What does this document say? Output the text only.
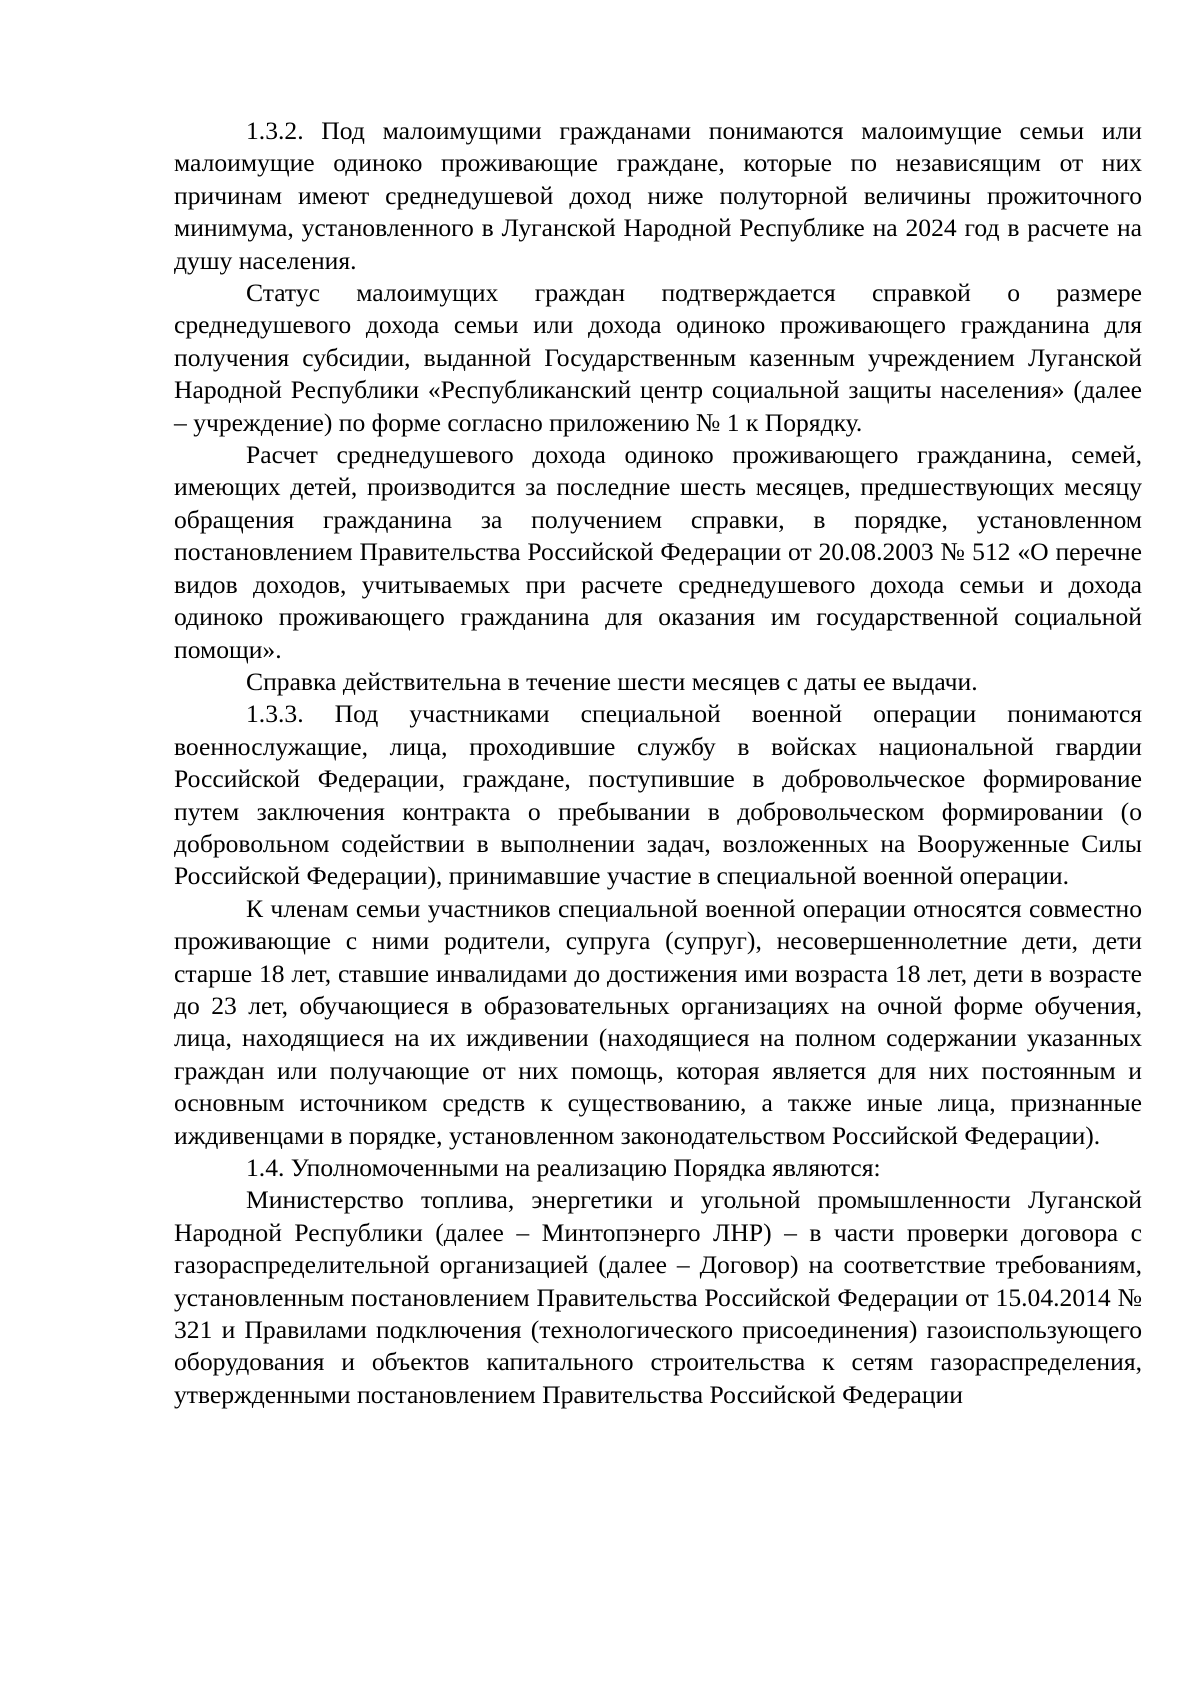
1.3.2. Под малоимущими гражданами понимаются малоимущие семьи или малоимущие одиноко проживающие граждане, которые по независящим от них причинам имеют среднедушевой доход ниже полуторной величины прожиточного минимума, установленного в Луганской Народной Республике на 2024 год в расчете на душу населения.

Статус малоимущих граждан подтверждается справкой о размере среднедушевого дохода семьи или дохода одиноко проживающего гражданина для получения субсидии, выданной Государственным казенным учреждением Луганской Народной Республики «Республиканский центр социальной защиты населения» (далее – учреждение) по форме согласно приложению № 1 к Порядку.

Расчет среднедушевого дохода одиноко проживающего гражданина, семей, имеющих детей, производится за последние шесть месяцев, предшествующих месяцу обращения гражданина за получением справки, в порядке, установленном постановлением Правительства Российской Федерации от 20.08.2003 № 512 «О перечне видов доходов, учитываемых при расчете среднедушевого дохода семьи и дохода одиноко проживающего гражданина для оказания им государственной социальной помощи».

Справка действительна в течение шести месяцев с даты ее выдачи.

1.3.3. Под участниками специальной военной операции понимаются военнослужащие, лица, проходившие службу в войсках национальной гвардии Российской Федерации, граждане, поступившие в добровольческое формирование путем заключения контракта о пребывании в добровольческом формировании (о добровольном содействии в выполнении задач, возложенных на Вооруженные Силы Российской Федерации), принимавшие участие в специальной военной операции.

К членам семьи участников специальной военной операции относятся совместно проживающие с ними родители, супруга (супруг), несовершеннолетние дети, дети старше 18 лет, ставшие инвалидами до достижения ими возраста 18 лет, дети в возрасте до 23 лет, обучающиеся в образовательных организациях на очной форме обучения, лица, находящиеся на их иждивении (находящиеся на полном содержании указанных граждан или получающие от них помощь, которая является для них постоянным и основным источником средств к существованию, а также иные лица, признанные иждивенцами в порядке, установленном законодательством Российской Федерации).

1.4. Уполномоченными на реализацию Порядка являются:

Министерство топлива, энергетики и угольной промышленности Луганской Народной Республики (далее – Минтопэнерго ЛНР) – в части проверки договора с газораспределительной организацией (далее – Договор) на соответствие требованиям, установленным постановлением Правительства Российской Федерации от 15.04.2014 № 321 и Правилами подключения (технологического присоединения) газоиспользующего оборудования и объектов капитального строительства к сетям газораспределения, утвержденными постановлением Правительства Российской Федерации
